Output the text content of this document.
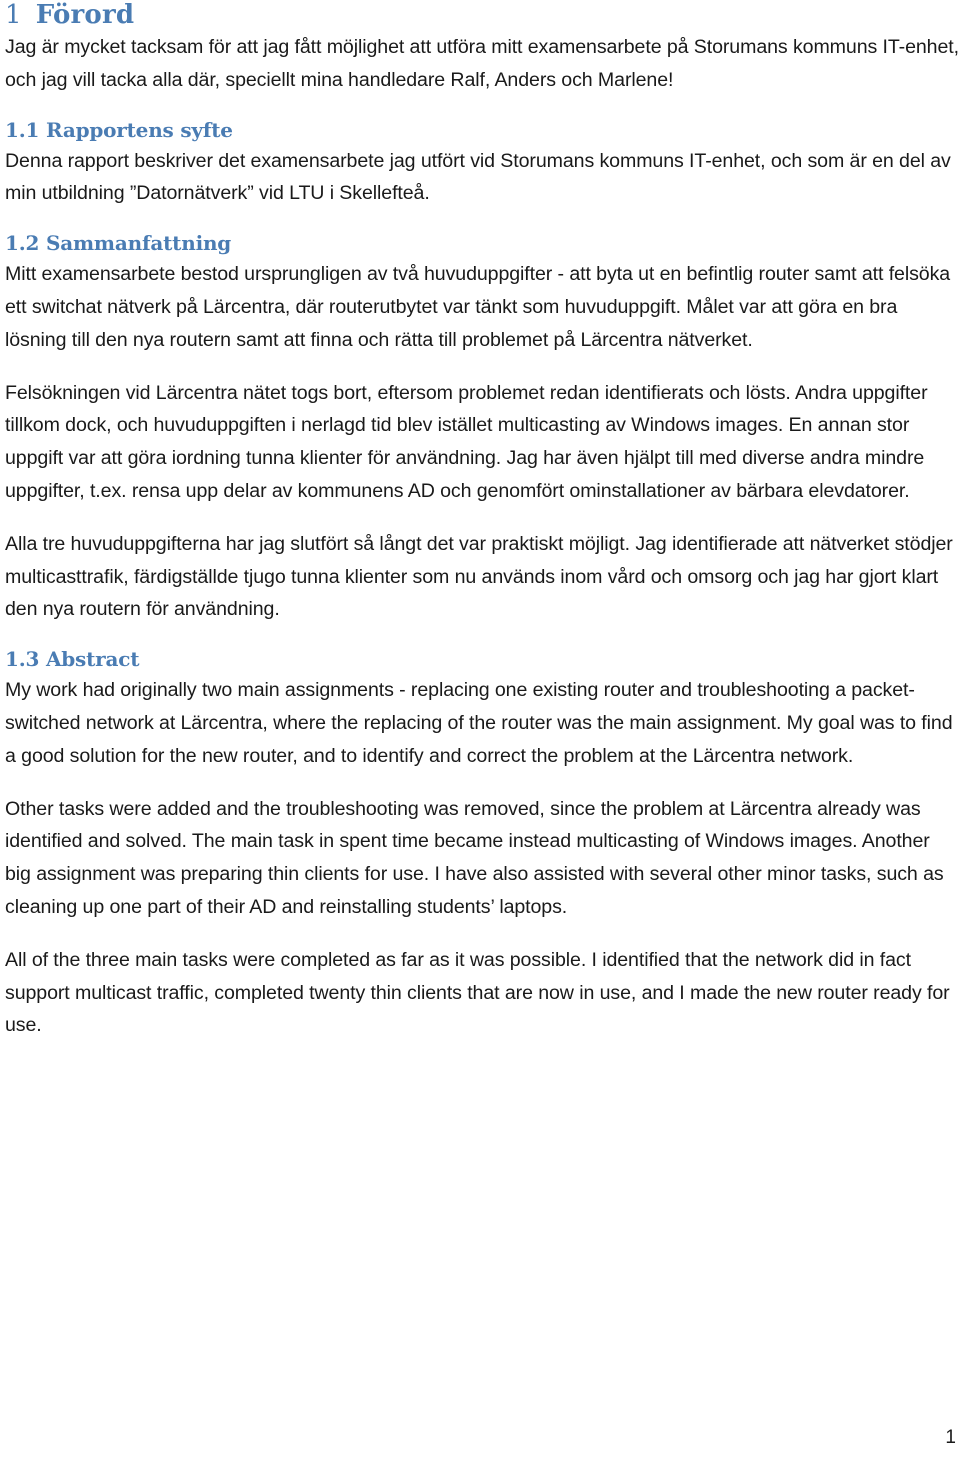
1 Förord

Jag är mycket tacksam för att jag fått möjlighet att utföra mitt examensarbete på Storumans kommuns IT-enhet, och jag vill tacka alla där, speciellt mina handledare Ralf, Anders och Marlene!

1.1 Rapportens syfte

Denna rapport beskriver det examensarbete jag utfört vid Storumans kommuns IT-enhet, och som är en del av min utbildning ”Datornätverk” vid LTU i Skellefteå.

1.2 Sammanfattning

Mitt examensarbete bestod ursprungligen av två huvuduppgifter - att byta ut en befintlig router samt att felsöka ett switchat nätverk på Lärcentra, där routerutbytet var tänkt som huvuduppgift. Målet var att göra en bra lösning till den nya routern samt att finna och rätta till problemet på Lärcentra nätverket.

Felsökningen vid Lärcentra nätet togs bort, eftersom problemet redan identifierats och lösts. Andra uppgifter tillkom dock, och huvuduppgiften i nerlagd tid blev istället multicasting av Windows images. En annan stor uppgift var att göra iordning tunna klienter för användning. Jag har även hjälpt till med diverse andra mindre uppgifter, t.ex. rensa upp delar av kommunens AD och genomfört ominstallationer av bärbara elevdatorer.

Alla tre huvuduppgifterna har jag slutfört så långt det var praktiskt möjligt. Jag identifierade att nätverket stödjer multicasttrafik, färdigställde tjugo tunna klienter som nu används inom vård och omsorg och jag har gjort klart den nya routern för användning.

1.3 Abstract

My work had originally two main assignments - replacing one existing router and troubleshooting a packet-switched network at Lärcentra, where the replacing of the router was the main assignment. My goal was to find a good solution for the new router, and to identify and correct the problem at the Lärcentra network.

Other tasks were added and the troubleshooting was removed, since the problem at Lärcentra already was identified and solved. The main task in spent time became instead multicasting of Windows images. Another big assignment was preparing thin clients for use. I have also assisted with several other minor tasks, such as cleaning up one part of their AD and reinstalling students’ laptops.

All of the three main tasks were completed as far as it was possible. I identified that the network did in fact support multicast traffic, completed twenty thin clients that are now in use, and I made the new router ready for use.

1
